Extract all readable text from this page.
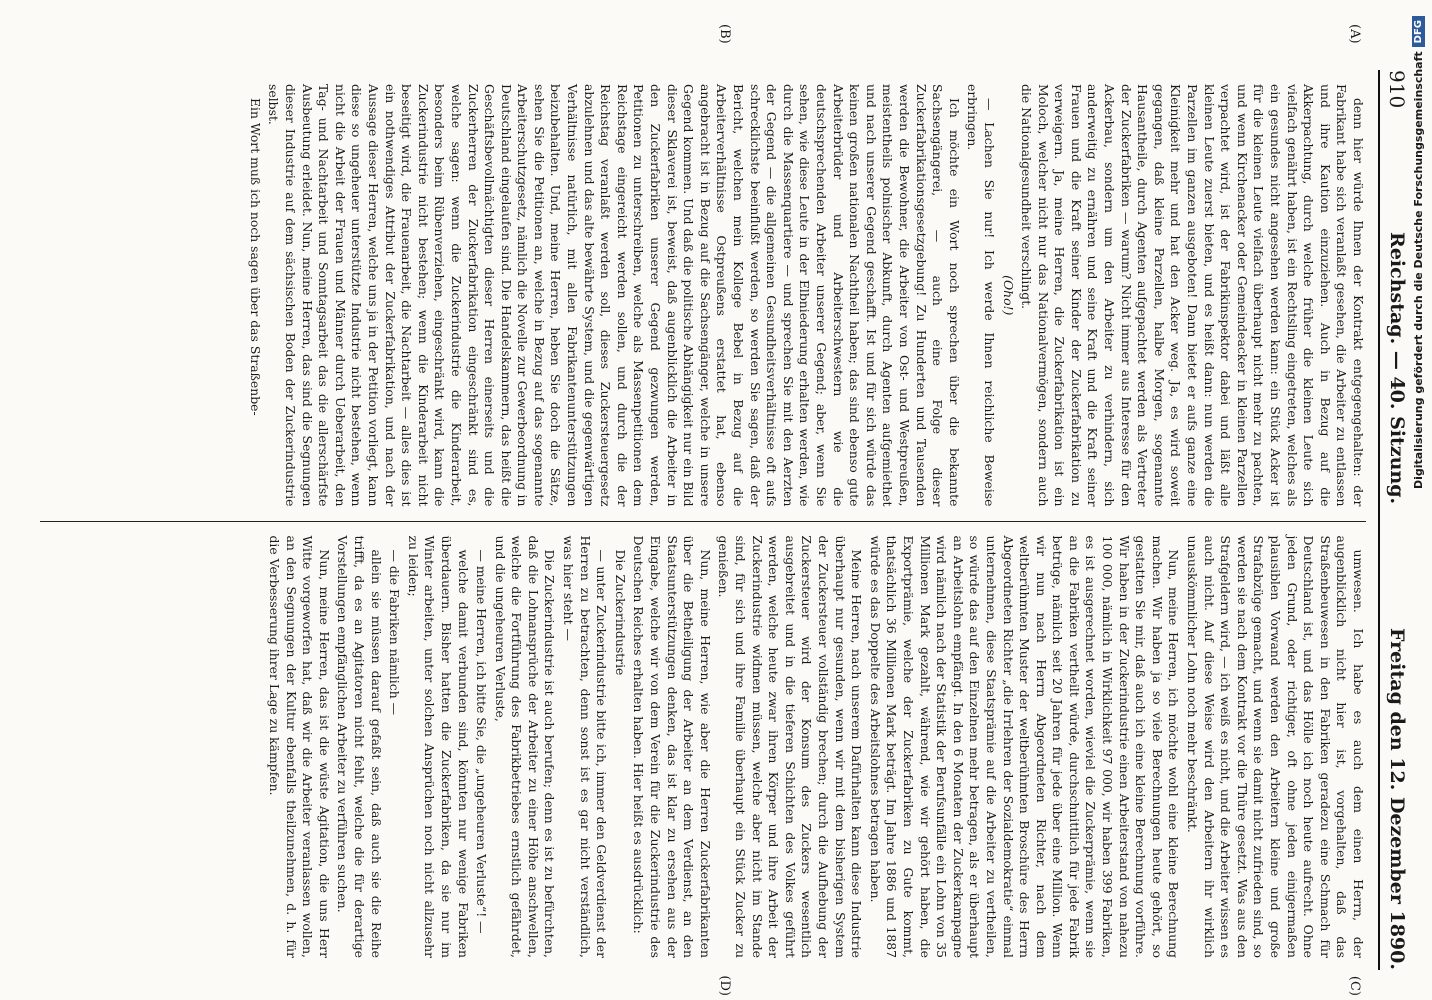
910
Reichstag. — 40. Sitzung.
Freitag den 12. Dezember 1890.
(A)
(B)
(C)
(D)

denn hier würde Ihnen der Kontrakt entgegengehalten: der Fabrikant habe sich veranlaßt gesehen, die Arbeiter zu entlassen und ihre Kaution einzuziehen. Auch in Bezug auf die Akkerpachtung, durch welche früher die kleinen Leute sich vielfach genährt haben, ist ein Rechtsling eingetreten, welches als ein gesundes nicht angesehen werden kann: ein Stück Acker ist für die kleinen Leute vielfach überhaupt nicht mehr zu pachten, und wenn Kirchenacker oder Gemeindeacker in kleinen Parzellen verpachtet wird, ist der Fabrikinspektor dabei und läßt alle kleinen Leute zuerst bieten, und es heißt dann: nun werden die Parzellen im ganzen ausgeboten! Dann bietet er aufs ganze eine Kleinigkeit mehr und hat den Acker weg. Ja, es wird soweit gegangen, daß kleine Parzellen, halbe Morgen, sogenannte Hausantheile, durch Agenten aufgepachtet werden als Vertreter der Zuckerfabriken — warum? Nicht immer aus Interesse für den Ackerbau, sondern um den Arbeiter zu verhindern, sich anderweitig zu ernähren und seine Kraft und die Kraft seiner Frauen und die Kraft seiner Kinder der Zuckerfabrikation zu verweigern. Ja, meine Herren, die Zuckerfabrikation ist ein Moloch, welcher nicht nur das Nationalvermögen, sondern auch die Nationalgesundheit verschlingt.

(Oho!)

— Lachen Sie nur! Ich werde Ihnen reichliche Beweise erbringen.

Ich möchte ein Wort noch sprechen über die bekannte Sachsengängerei, — auch eine Folge dieser Zuckerfabrikationsgesetzgebung! Zu Hunderten und Tausenden werden die Bewohner, die Arbeiter von Ost- und Westpreußen, meistentheils polnischer Abkunft, durch Agenten aufgemiethet und nach unserer Gegend geschafft. Ist und für sich würde das keinen großen nationalen Nachtheil haben; das sind ebenso gute Arbeiterbrüder und Arbeiterschwestern wie die deutschsprechenden Arbeiter unserer Gegend; aber, wenn Sie sehen, wie diese Leute in der Elbniederung erhalten werden, wie durch die Massenquartiere — und sprechen Sie mit den Aerzten der Gegend — die allgemeinen Gesundheitsverhältnisse oft aufs schrecklichste beeinflußt werden, so werden Sie sagen, daß der Bericht, welchen mein Kollege Bebel in Bezug auf die Arbeiterverhältnisse Ostpreußens erstattet hat, ebenso angebracht ist in Bezug auf die Sachsengänger, welche in unsere Gegend kommen. Und daß die politische Abhängigkeit nur ein Bild dieser Sklaverei ist, beweist, daß augenblicklich die Arbeiter in den Zuckerfabriken unserer Gegend gezwungen werden, Petitionen zu unterschreiben, welche als Massenpetitionen dem Reichstage eingereicht werden sollen, und durch die der Reichstag veranlaßt werden soll, dieses Zuckersteuergesetz abzulehnen und das alte bewährte System, und die gegenwärtigen Verhältnisse natürlich, mit allen Fabrikantenunterstützungen beizubehalten. Und, meine Herren, heben Sie doch die Sätze, sehen Sie die Petitionen an, welche in Bezug auf das sogenannte Arbeiterschutzgesetz, nämlich die Novelle zur Gewerbeordnung in Deutschland eingelaufen sind. Die Handelskammern, das heißt die Geschäftsbevollmächtigten dieser Herren einerseits und die Zuckerherren der Zuckerfabrikation eingeschränkt sind es, welche sagen: wenn die Zuckerindustrie die Kinderarbeit, besonders beim Rübenverziehen, eingeschränkt wird, kann die Zuckerindustrie nicht bestehen; wenn die Kinderarbeit nicht beseitigt wird, die Frauenarbeit, die Nachtarbeit — alles dies ist ein nothwendiges Attribut der Zuckerfabrikation, und nach der Aussage dieser Herren, welche uns ja in der Petition vorliegt, kann diese so ungeheuer unterstützte Industrie nicht bestehen, wenn nicht die Arbeit der Frauen und Männer durch Ueberarbeit, den Tag- und Nachtarbeit und Sonntagsarbeit das die allerschärfste Ausbeutung erleidet. Nun, meine Herren, das sind die Segnungen dieser Industrie auf dem sächsischen Boden der Zuckerindustrie selbst.

Ein Wort muß ich noch sagen über das Straßenbe-

umwesen. Ich habe es auch dem einen Herrn, der augenblicklich nicht hier ist, vorgehalten, daß das Straßenbeuwesen in den Fabriken geradezu eine Schmach für Deutschland ist, und das Hölle ich noch heute aufrecht. Ohne jeden Grund, oder richtiger, oft ohne jeden einigermaßen plausiblen Vorwand werden den Arbeitern kleine und große Strafabzüge gemacht, und wenn sie damit nicht zufrieden sind, so werden sie nach dem Kontrakt vor die Thüre gesetzt. Was aus den Strafgeldern wird, — ich weiß es nicht, und die Arbeiter wissen es auch nicht. Auf diese Weise wird den Arbeitern ihr wirklich unauskömmlicher Lohn noch mehr beschränkt.

Nun, meine Herren, ich möchte wohl eine kleine Berechnung machen. Wir haben ja so viele Berechnungen heute gehört, so gestatten Sie mir, daß auch ich eine kleine Berechnung vorführe. Wir haben in der Zuckerindustrie einen Arbeiterstand von nahezu 100 000, nämlich in Wirklichkeit 97 000, wir haben 399 Fabriken, es ist ausgerechnet worden, wieviel die Zuckerprämie, wenn sie an die Fabriken vertheilt würde, durchschnittlich für jede Fabrik betrüge, nämlich seit 20 Jahren für jede über eine Million. Wenn wir nun nach Herrn Abgeordneten Richter, nach dem weltberühmten Muster der weltberühmten Broschüre des Herrn Abgeordneten Richter „die Irrlehren der Sozialdemokratie“ einmal unternehmen, diese Staatsprämie auf die Arbeiter zu vertheilen, so würde das auf den Einzelnen mehr betragen, als er überhaupt an Arbeitslohn empfängt. In den 6 Monaten der Zuckerkampagne wird nämlich nach der Statistik der Berufsunfälle ein Lohn von 35 Millionen Mark gezahlt, während, wie wir gehört haben, die Exportprämie, welche der Zuckerfabriken zu Gute kommt, thatsächlich 36 Millionen Mark beträgt. Im Jahre 1886 und 1887 würde es das Doppelte des Arbeitslohnes betragen haben.

Meine Herren, nach unserem Dafürhalten kann diese Industrie überhaupt nur gesunden, wenn wir mit dem bisherigen System der Zuckersteuer vollständig brechen; durch die Aufhebung der Zuckersteuer wird der Konsum des Zuckers wesentlich ausgebreitet und in die tieferen Schichten des Volkes geführt werden, welche heute zwar ihren Körper und ihre Arbeit der Zuckerindustrie widmen müssen, welche aber nicht im Stande sind, für sich und ihre Familie überhaupt ein Stück Zucker zu genießen.

Nun, meine Herren, wie aber die Herren Zuckerfabrikanten über die Betheiligung der Arbeiter an dem Verdienst, an den Staatsunterstützungen denken, das ist klar zu ersehen aus der Eingabe, welche wir von dem Verein für die Zuckerindustrie des Deutschen Reiches erhalten haben. Hier heißt es ausdrücklich:

Die Zuckerindustrie

— unter Zuckerindustrie bitte ich, immer den Geldverdienst der Herren zu betrachten, denn sonst ist es gar nicht verständlich, was hier steht —

Die Zuckerindustrie ist auch berufen; denn es ist zu befürchten, daß die Lohnansprüche der Arbeiter zu einer Höhe anschwellen, welche die Fortführung des Fabrikbetriebes ernstlich gefährdet, und die ungeheuren Verluste,

— meine Herren, ich bitte Sie, die „ungeheuren Verluste“! —

welche damit verbunden sind, könnten nur wenige Fabriken überdauern. Bisher hatten die Zuckerfabriken, da sie nur im Winter arbeiten, unter solchen Ansprüchen noch nicht allzusehr zu leiden;

— die Fabriken nämlich —

allein sie müssen darauf gefaßt sein, daß auch sie die Reihe trifft, da es an Agitatoren nicht fehlt, welche die für derartige Vorstellungen empfänglichen Arbeiter zu verführen suchen.

Nun, meine Herren, das ist die wüste Agitation, die uns Herr Witte vorgeworfen hat, daß wir die Arbeiter veranlassen wollen, an den Segnungen der Kultur ebenfalls theilzunehmen, d. h. für die Verbesserung ihrer Lage zu kämpfen.

Digitalisierung gefördert durch die Deutsche Forschungsgemeinschaft
DFG
